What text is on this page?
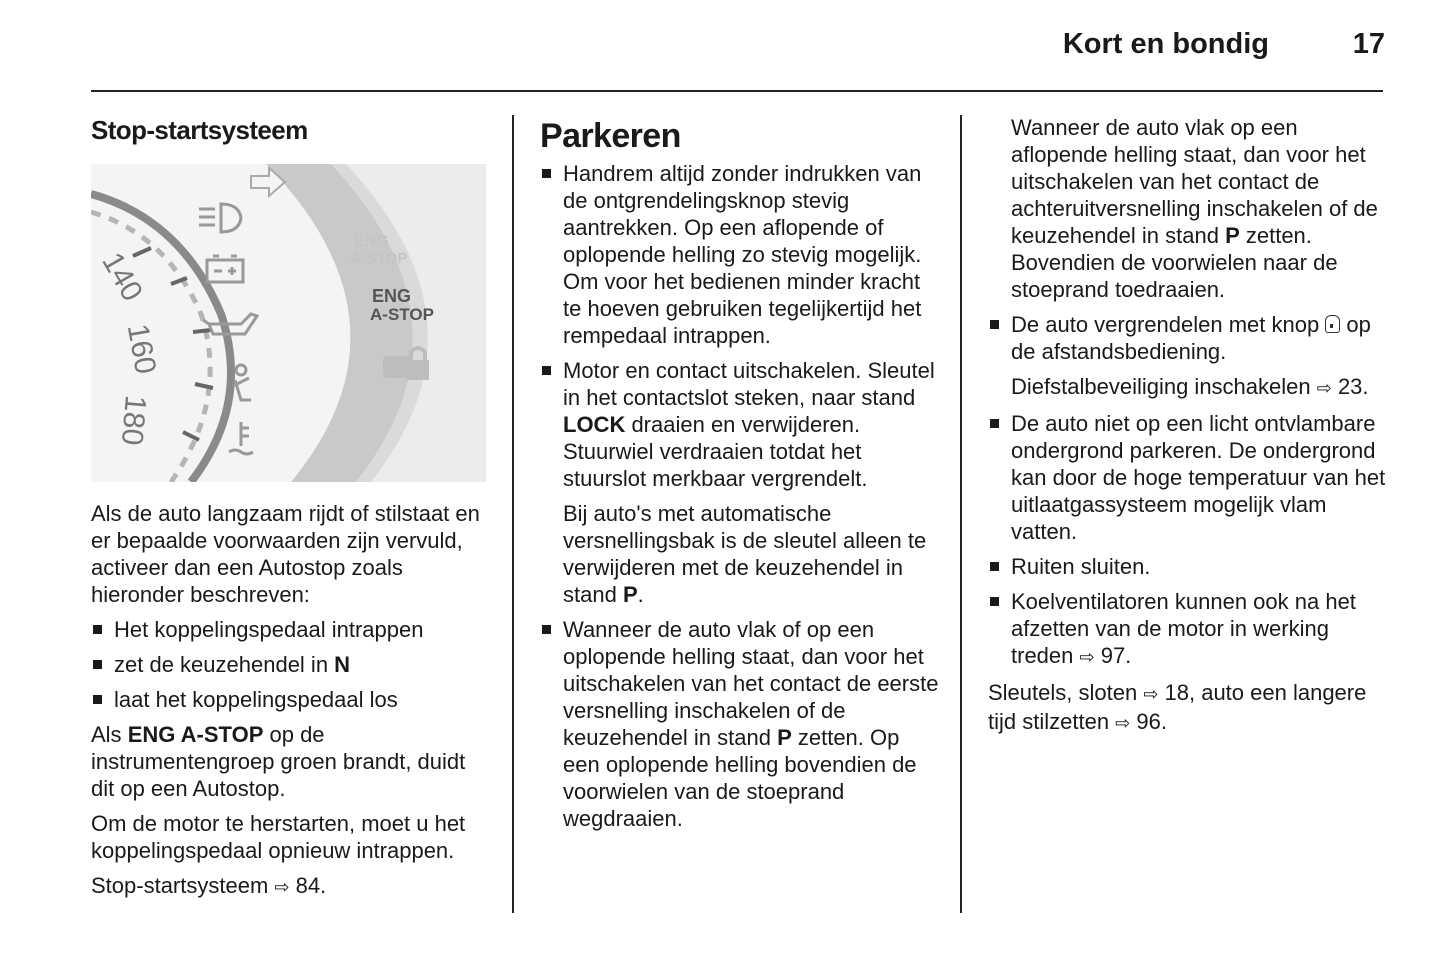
Kort en bondig	17
Stop-startsysteem
140
160
180
ENG
A-STOP
ENG
A-STOP

Als de auto langzaam rijdt of stilstaat en er bepaalde voorwaarden zijn vervuld, activeer dan een Autostop zoals hieronder beschreven:

Het koppelingspedaal intrappen
zet de keuzehendel in N
laat het koppelingspedaal los

Als ENG A-STOP op de instrumentengroep groen brandt, duidt dit op een Autostop.

Om de motor te herstarten, moet u het koppelingspedaal opnieuw intrappen.

Stop-startsysteem ⇨ 84.

Parkeren
Handrem altijd zonder indrukken van de ontgrendelingsknop stevig aantrekken. Op een aflopende of oplopende helling zo stevig mogelijk. Om voor het bedienen minder kracht te hoeven gebruiken tegelijkertijd het rempedaal intrappen.
Motor en contact uitschakelen. Sleutel in het contactslot steken, naar stand LOCK draaien en verwijderen. Stuurwiel verdraaien totdat het stuurslot merkbaar vergrendelt.

Bij auto's met automatische versnellingsbak is de sleutel alleen te verwijderen met de keuzehendel in stand P.

Wanneer de auto vlak of op een oplopende helling staat, dan voor het uitschakelen van het contact de eerste versnelling inschakelen of de keuzehendel in stand P zetten. Op een oplopende helling bovendien de voorwielen van de stoeprand wegdraaien.

Wanneer de auto vlak op een aflopende helling staat, dan voor het uitschakelen van het contact de achteruitversnelling inschakelen of de keuzehendel in stand P zetten. Bovendien de voorwielen naar de stoeprand toedraaien.

De auto vergrendelen met knop  op de afstandsbediening.

Diefstalbeveiliging inschakelen ⇨ 23.

De auto niet op een licht ontvlambare ondergrond parkeren. De ondergrond kan door de hoge temperatuur van het uitlaatgassysteem mogelijk vlam vatten.
Ruiten sluiten.
Koelventilatoren kunnen ook na het afzetten van de motor in werking treden ⇨ 97.

Sleutels, sloten ⇨ 18, auto een langere tijd stilzetten ⇨ 96.
